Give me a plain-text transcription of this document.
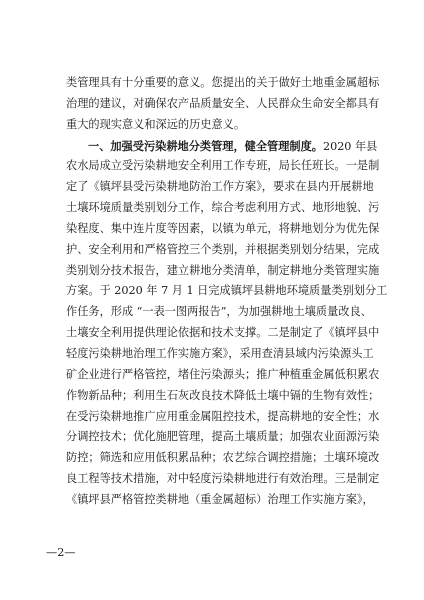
类管理具有十分重要的意义。您提出的关于做好土地重金属超标
治理的建议，对确保农产品质量安全、人民群众生命安全都具有
重大的现实意义和深远的历史意义。
一、加强受污染耕地分类管理，健全管理制度。2020 年县
农水局成立受污染耕地安全利用工作专班，局长任班长。一是制
定了《镇坪县受污染耕地防治工作方案》，要求在县内开展耕地
土壤环境质量类别划分工作，综合考虑利用方式、地形地貌、污
染程度、集中连片度等因素，以镇为单元，将耕地划分为优先保
护、安全利用和严格管控三个类别，并根据类别划分结果，完成
类别划分技术报告，建立耕地分类清单，制定耕地分类管理实施
方案。于 2020 年 7 月 1 日完成镇坪县耕地环境质量类别划分工
作任务，形成 “一表一图两报告”，为加强耕地土壤质量改良、
土壤安全利用提供理论依据和技术支撑。二是制定了《镇坪县中
轻度污染耕地治理工作实施方案》，采用查清县域内污染源头工
矿企业进行严格管控，堵住污染源头；推广种植重金属低积累农
作物新品种；利用生石灰改良技术降低土壤中镉的生物有效性；
在受污染耕地推广应用重金属阻控技术，提高耕地的安全性；水
分调控技术；优化施肥管理，提高土壤质量；加强农业面源污染
防控；筛选和应用低积累品种；农艺综合调控措施；土壤环境改
良工程等技术措施，对中轻度污染耕地进行有效治理。三是制定
《镇坪县严格管控类耕地（重金属超标）治理工作实施方案》，
—2—
